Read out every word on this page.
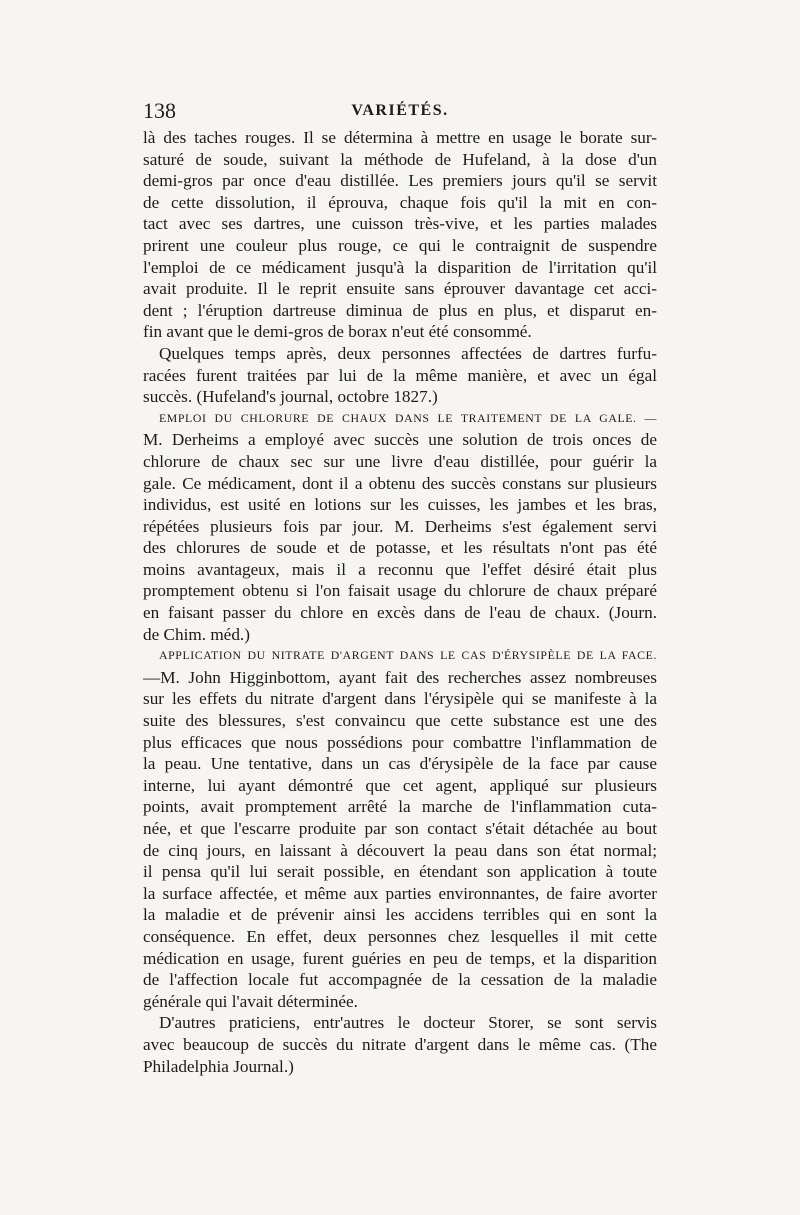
138	VARIÉTÉS.
là des taches rouges. Il se détermina à mettre en usage le borate sur-
saturé de soude, suivant la méthode de Hufeland, à la dose d'un
demi-gros par once d'eau distillée. Les premiers jours qu'il se servit
de cette dissolution, il éprouva, chaque fois qu'il la mit en con-
tact avec ses dartres, une cuisson très-vive, et les parties malades
prirent une couleur plus rouge, ce qui le contraignit de suspendre
l'emploi de ce médicament jusqu'à la disparition de l'irritation qu'il
avait produite. Il le reprit ensuite sans éprouver davantage cet acci-
dent ; l'éruption dartreuse diminua de plus en plus, et disparut en-
fin avant que le demi-gros de borax n'eut été consommé.
Quelques temps après, deux personnes affectées de dartres furfu-
racées furent traitées par lui de la même manière, et avec un égal
succès. (Hufeland's journal, octobre 1827.)
EMPLOI DU CHLORURE DE CHAUX DANS LE TRAITEMENT DE LA GALE. —
M. Derheims a employé avec succès une solution de trois onces de
chlorure de chaux sec sur une livre d'eau distillée, pour guérir la
gale. Ce médicament, dont il a obtenu des succès constans sur plusieurs
individus, est usité en lotions sur les cuisses, les jambes et les bras,
répétées plusieurs fois par jour. M. Derheims s'est également servi
des chlorures de soude et de potasse, et les résultats n'ont pas été
moins avantageux, mais il a reconnu que l'effet désiré était plus
promptement obtenu si l'on faisait usage du chlorure de chaux préparé
en faisant passer du chlore en excès dans de l'eau de chaux. (Journ.
de Chim. méd.)
APPLICATION DU NITRATE D'ARGENT DANS LE CAS D'ÉRYSIPÈLE DE LA FACE.
—M. John Higginbottom, ayant fait des recherches assez nombreuses
sur les effets du nitrate d'argent dans l'érysipèle qui se manifeste à la
suite des blessures, s'est convaincu que cette substance est une des
plus efficaces que nous possédions pour combattre l'inflammation de
la peau. Une tentative, dans un cas d'érysipèle de la face par cause
interne, lui ayant démontré que cet agent, appliqué sur plusieurs
points, avait promptement arrêté la marche de l'inflammation cuta-
née, et que l'escarre produite par son contact s'était détachée au bout
de cinq jours, en laissant à découvert la peau dans son état normal;
il pensa qu'il lui serait possible, en étendant son application à toute
la surface affectée, et même aux parties environnantes, de faire avorter
la maladie et de prévenir ainsi les accidens terribles qui en sont la
conséquence. En effet, deux personnes chez lesquelles il mit cette
médication en usage, furent guéries en peu de temps, et la disparition
de l'affection locale fut accompagnée de la cessation de la maladie
générale qui l'avait déterminée.
D'autres praticiens, entr'autres le docteur Storer, se sont servis
avec beaucoup de succès du nitrate d'argent dans le même cas. (The
Philadelphia Journal.)
